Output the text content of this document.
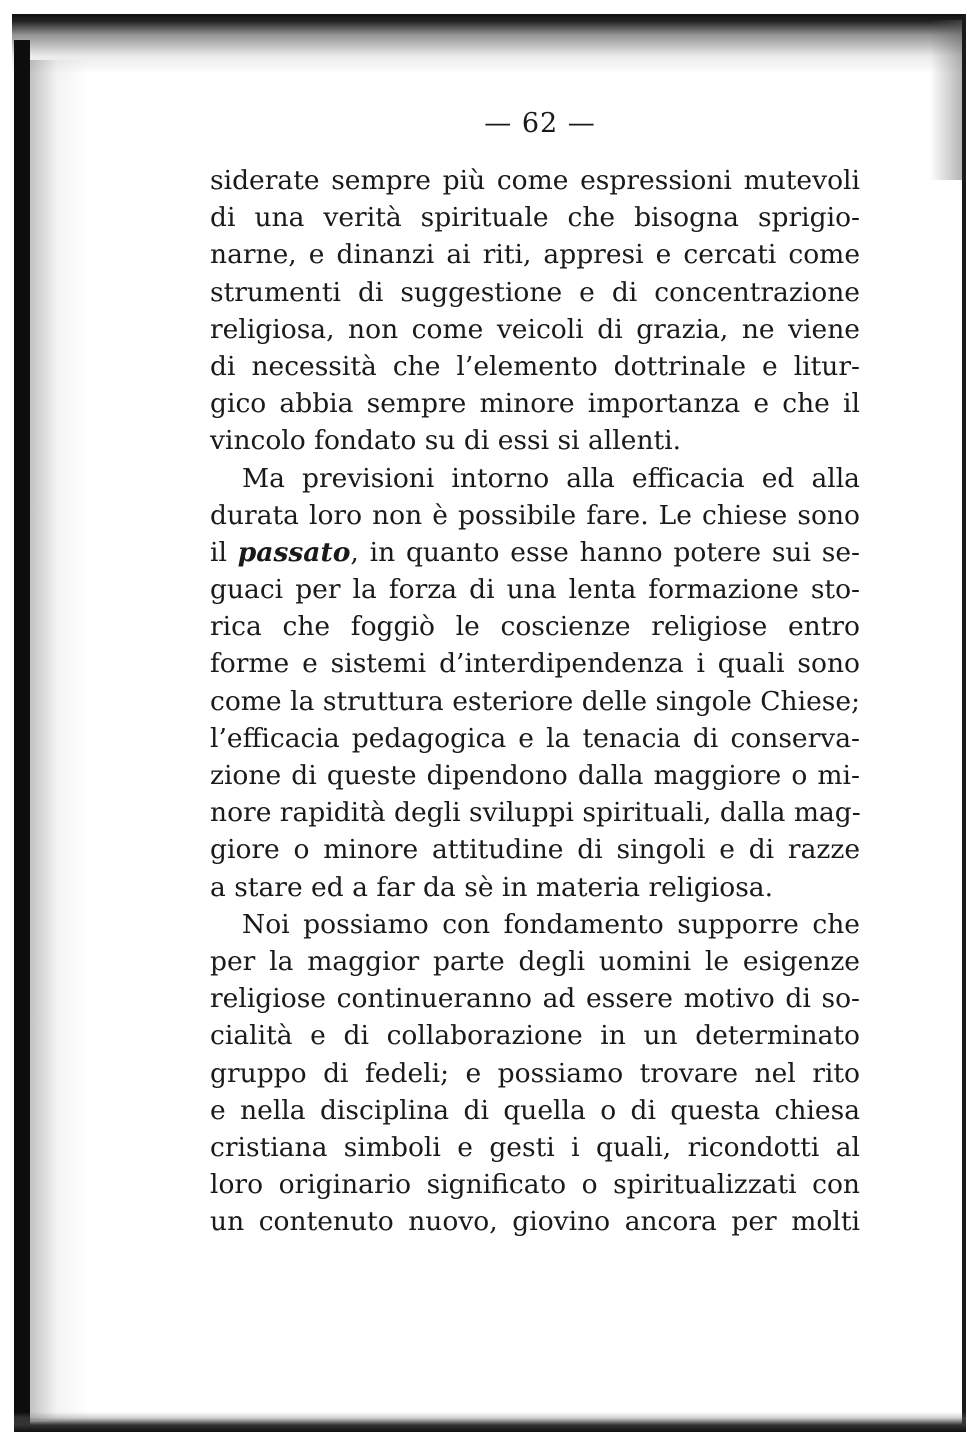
— 62 —
siderate sempre più come espressioni mutevoli
di una verità spirituale che bisogna sprigio-
narne, e dinanzi ai riti, appresi e cercati come
strumenti di suggestione e di concentrazione
religiosa, non come veicoli di grazia, ne viene
di necessità che l’elemento dottrinale e litur-
gico abbia sempre minore importanza e che il
vincolo fondato su di essi si allenti.
Ma previsioni intorno alla efficacia ed alla
durata loro non è possibile fare. Le chiese sono
il passato, in quanto esse hanno potere sui se-
guaci per la forza di una lenta formazione sto-
rica che foggiò le coscienze religiose entro
forme e sistemi d’interdipendenza i quali sono
come la struttura esteriore delle singole Chiese;
l’efficacia pedagogica e la tenacia di conserva-
zione di queste dipendono dalla maggiore o mi-
nore rapidità degli sviluppi spirituali, dalla mag-
giore o minore attitudine di singoli e di razze
a stare ed a far da sè in materia religiosa.
Noi possiamo con fondamento supporre che
per la maggior parte degli uomini le esigenze
religiose continueranno ad essere motivo di so-
cialità e di collaborazione in un determinato
gruppo di fedeli; e possiamo trovare nel rito
e nella disciplina di quella o di questa chiesa
cristiana simboli e gesti i quali, ricondotti al
loro originario significato o spiritualizzati con
un contenuto nuovo, giovino ancora per molti
